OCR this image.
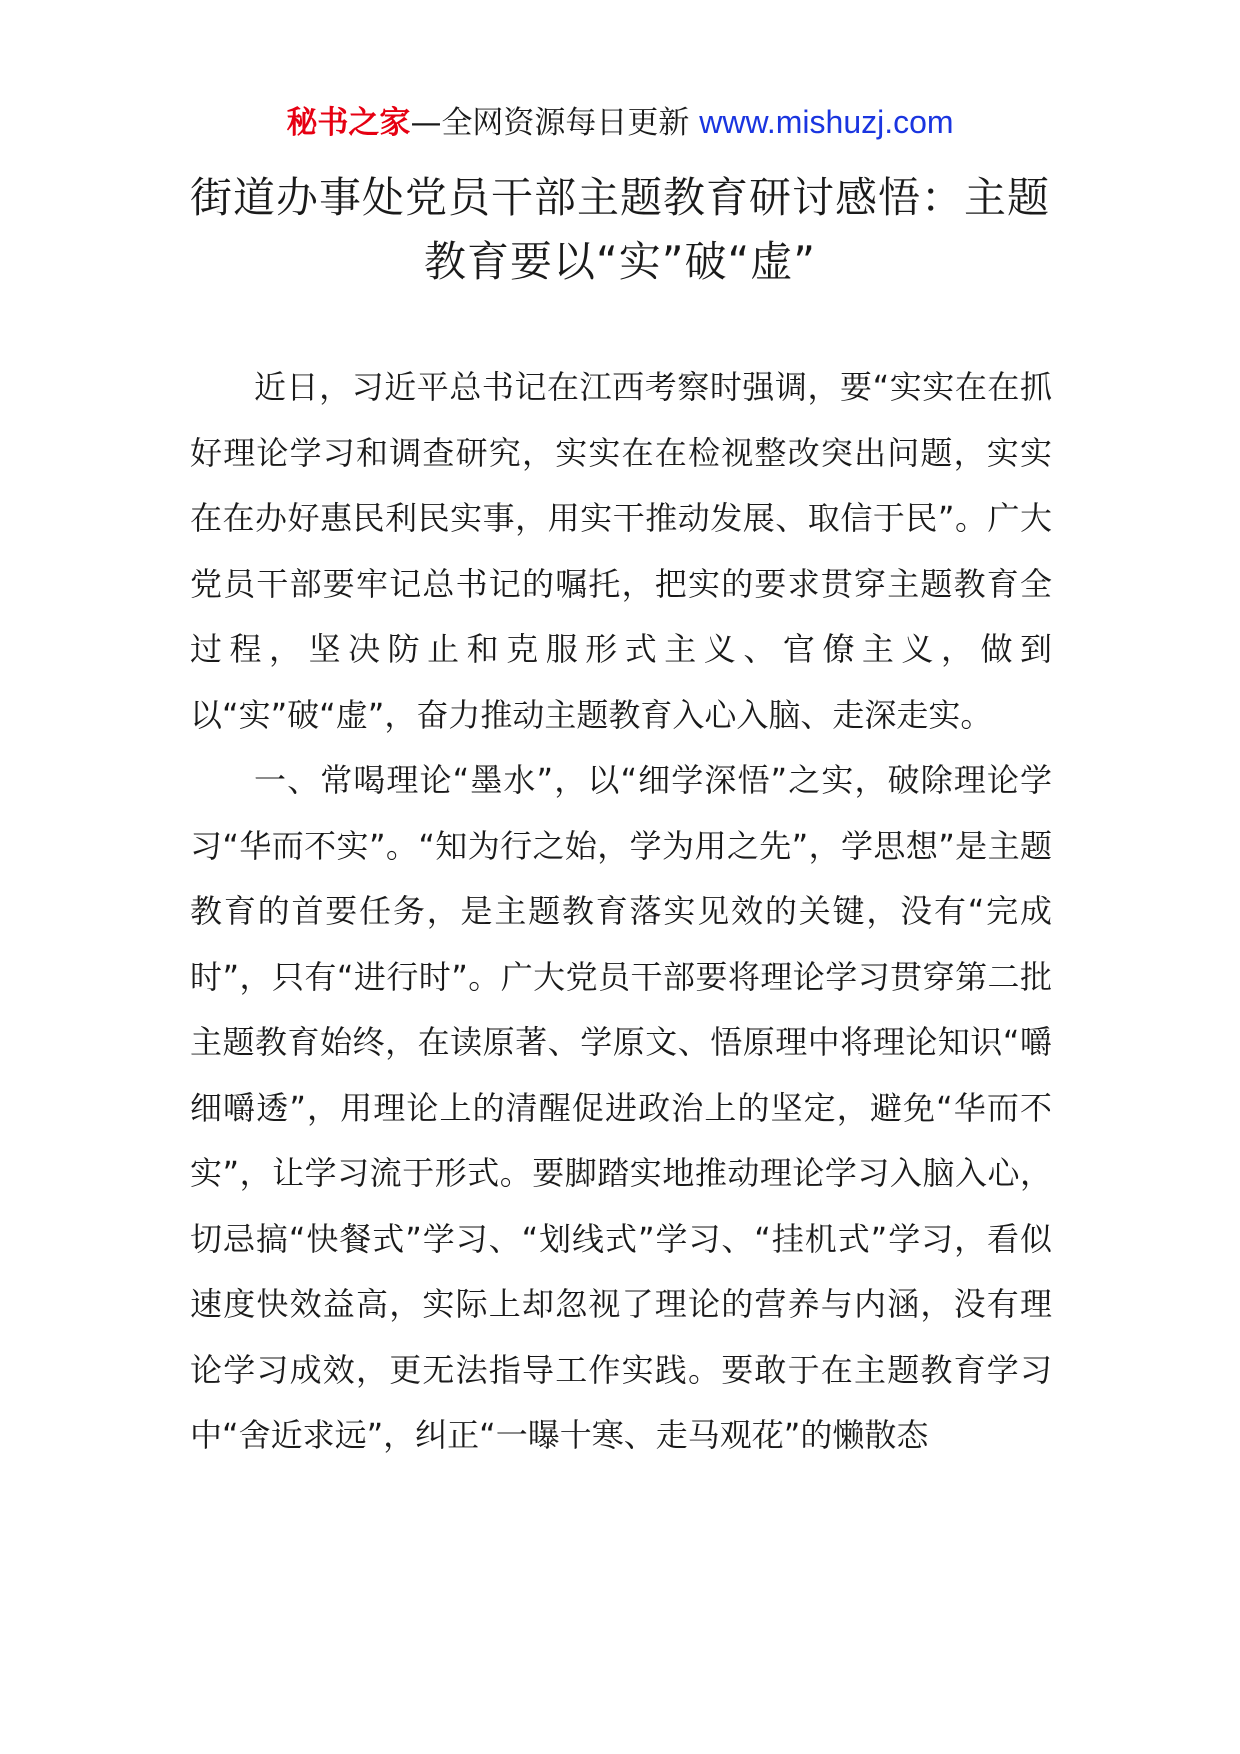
秘书之家—全网资源每日更新 www.mishuzj.com
街道办事处党员干部主题教育研讨感悟：主题教育要以“实”破“虚”

近日，习近平总书记在江西考察时强调，要“实实在在抓好理论学习和调查研究，实实在在检视整改突出问题，实实在在办好惠民利民实事，用实干推动发展、取信于民”。广大党员干部要牢记总书记的嘱托，把实的要求贯穿主题教育全过程，坚决防止和克服形式主义、官僚主义，做到以“实”破“虚”，奋力推动主题教育入心入脑、走深走实。

一、常喝理论“墨水”，以“细学深悟”之实，破除理论学习“华而不实”。“知为行之始，学为用之先”，学思想”是主题教育的首要任务，是主题教育落实见效的关键，没有“完成时”，只有“进行时”。广大党员干部要将理论学习贯穿第二批主题教育始终，在读原著、学原文、悟原理中将理论知识“嚼细嚼透”，用理论上的清醒促进政治上的坚定，避免“华而不实”，让学习流于形式。要脚踏实地推动理论学习入脑入心，切忌搞“快餐式”学习、“划线式”学习、“挂机式”学习，看似速度快效益高，实际上却忽视了理论的营养与内涵，没有理论学习成效，更无法指导工作实践。要敢于在主题教育学习中“舍近求远”，纠正“一曝十寒、走马观花”的懒散态
